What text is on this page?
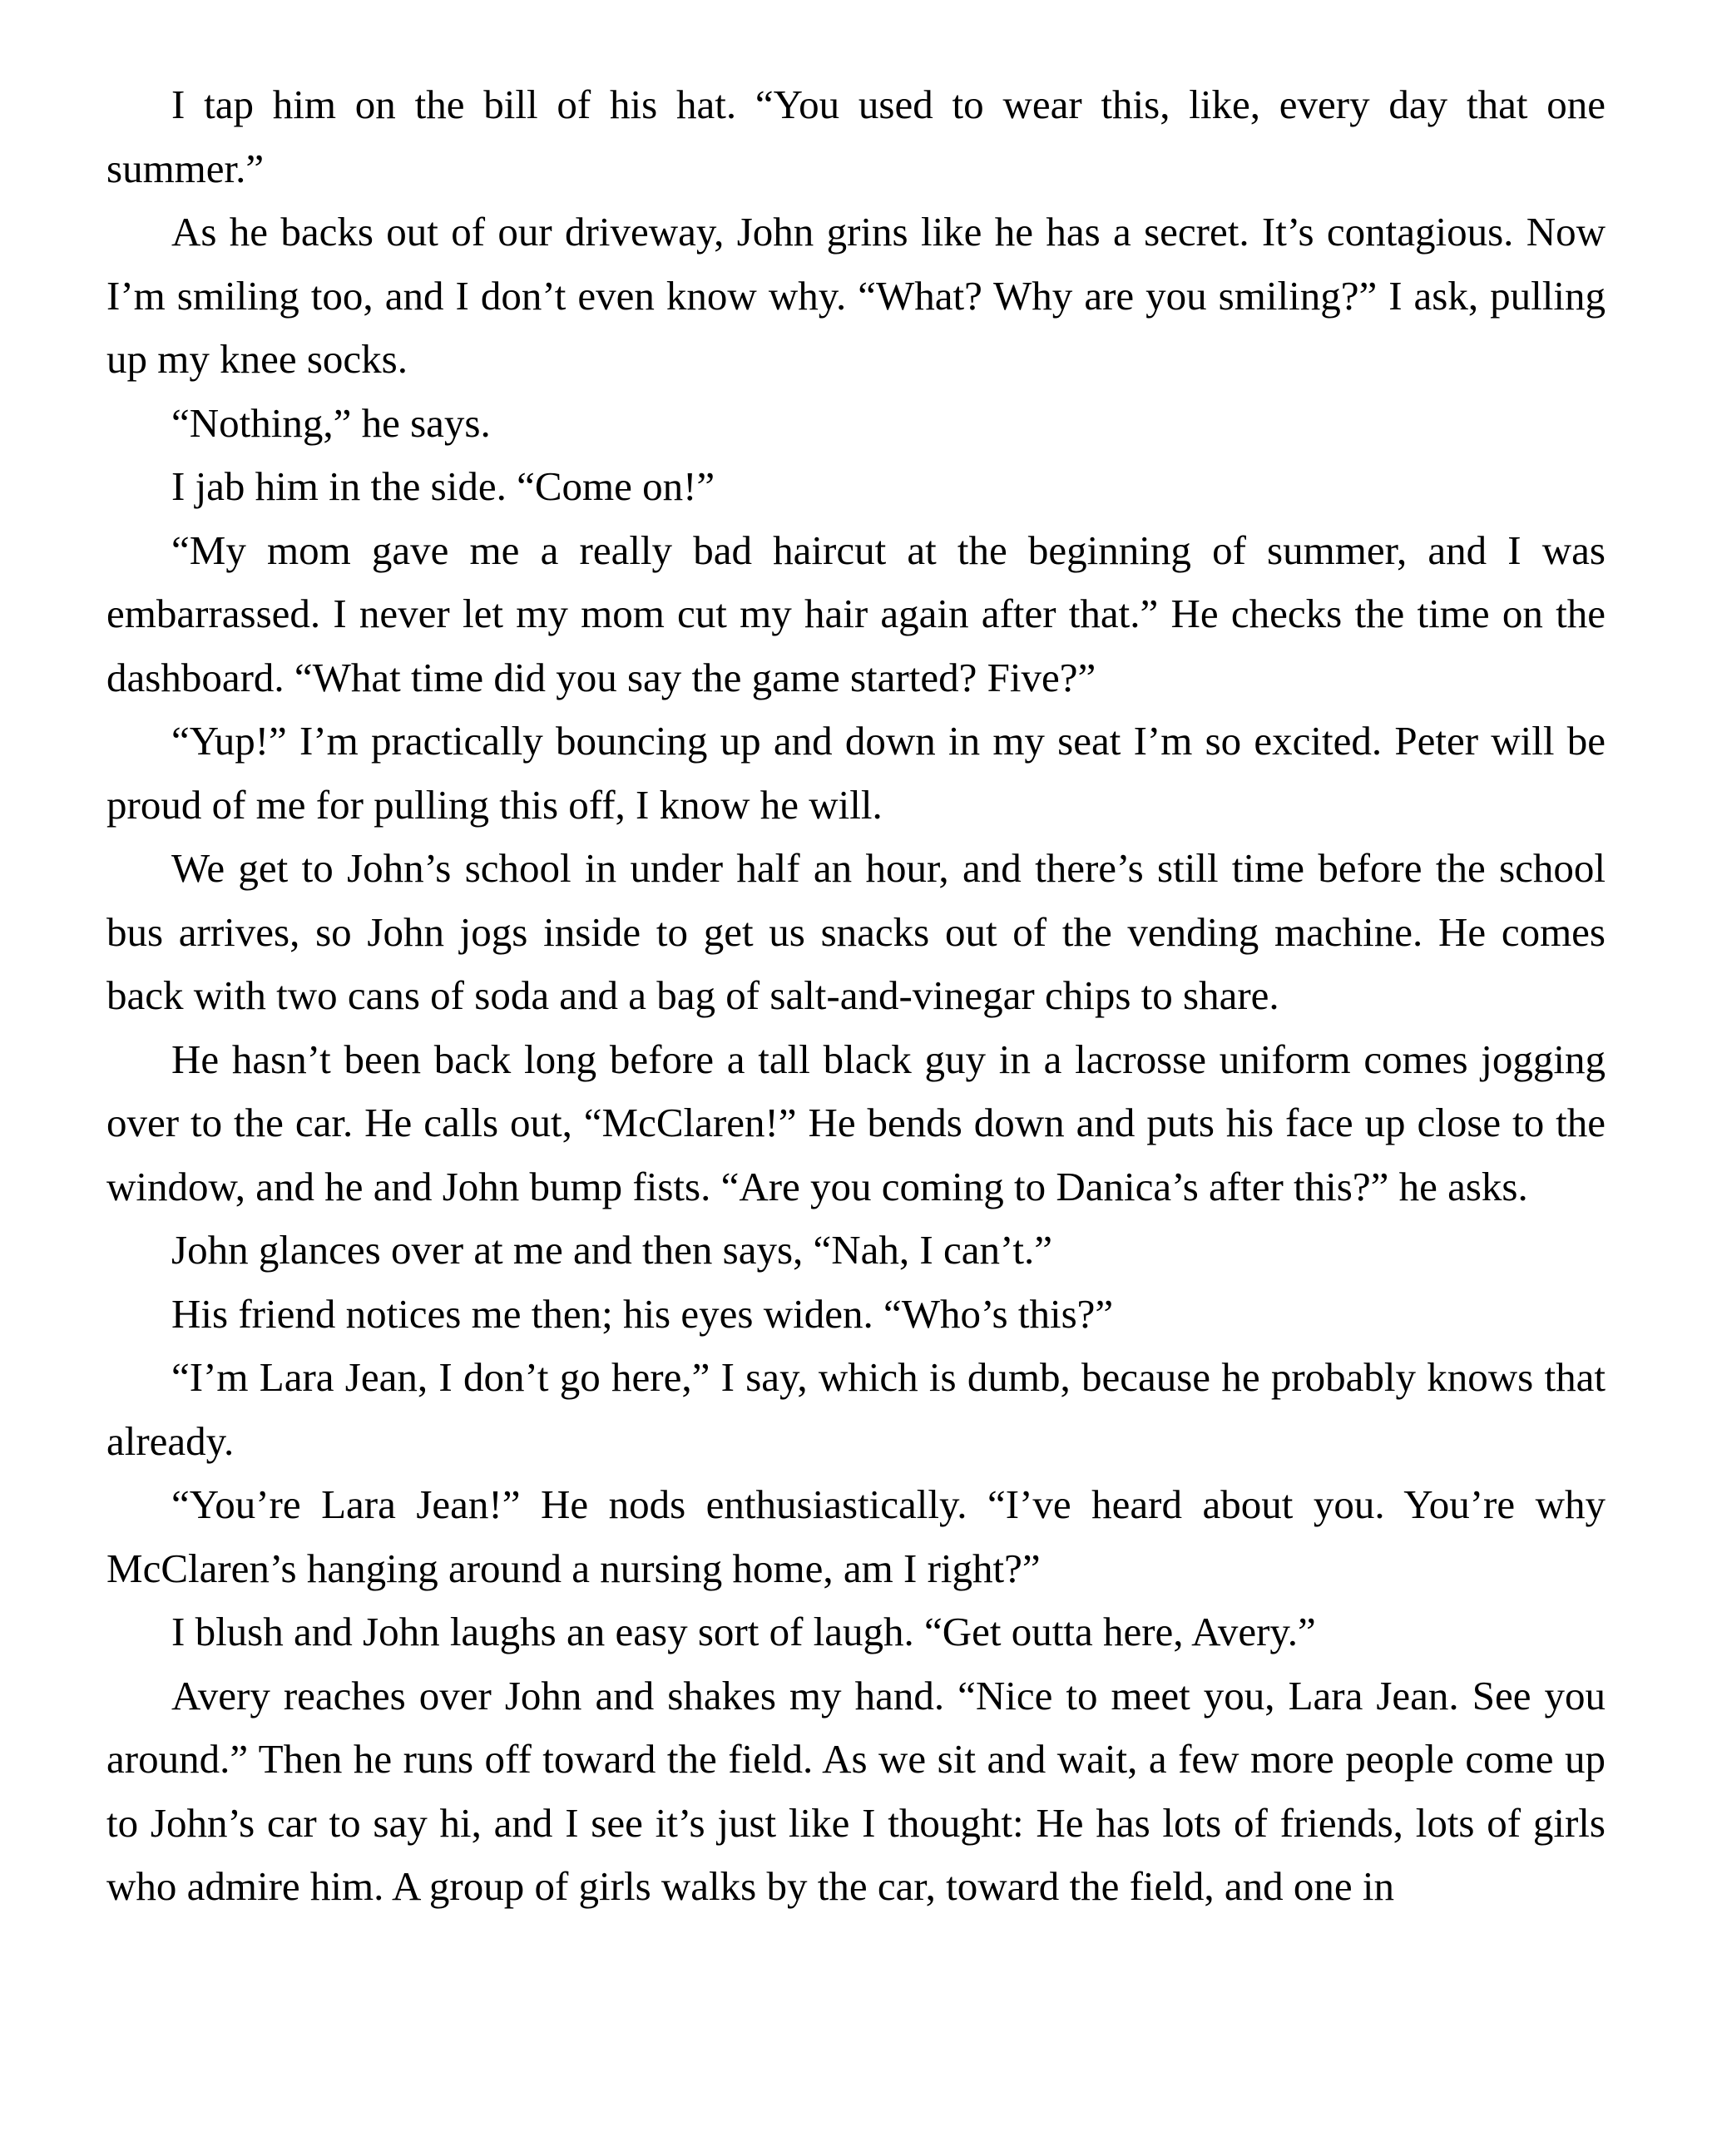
I tap him on the bill of his hat. “You used to wear this, like, every day that one summer.”

As he backs out of our driveway, John grins like he has a secret. It’s contagious. Now I’m smiling too, and I don’t even know why. “What? Why are you smiling?” I ask, pulling up my knee socks.

“Nothing,” he says.

I jab him in the side. “Come on!”

“My mom gave me a really bad haircut at the beginning of summer, and I was embarrassed. I never let my mom cut my hair again after that.” He checks the time on the dashboard. “What time did you say the game started? Five?”

“Yup!” I’m practically bouncing up and down in my seat I’m so excited. Peter will be proud of me for pulling this off, I know he will.

We get to John’s school in under half an hour, and there’s still time before the school bus arrives, so John jogs inside to get us snacks out of the vending machine. He comes back with two cans of soda and a bag of salt-and-vinegar chips to share.

He hasn’t been back long before a tall black guy in a lacrosse uniform comes jogging over to the car. He calls out, “McClaren!” He bends down and puts his face up close to the window, and he and John bump fists. “Are you coming to Danica’s after this?” he asks.

John glances over at me and then says, “Nah, I can’t.”

His friend notices me then; his eyes widen. “Who’s this?”

“I’m Lara Jean, I don’t go here,” I say, which is dumb, because he probably knows that already.

“You’re Lara Jean!” He nods enthusiastically. “I’ve heard about you. You’re why McClaren’s hanging around a nursing home, am I right?”

I blush and John laughs an easy sort of laugh. “Get outta here, Avery.”

Avery reaches over John and shakes my hand. “Nice to meet you, Lara Jean. See you around.” Then he runs off toward the field. As we sit and wait, a few more people come up to John’s car to say hi, and I see it’s just like I thought: He has lots of friends, lots of girls who admire him. A group of girls walks by the car, toward the field, and one in
